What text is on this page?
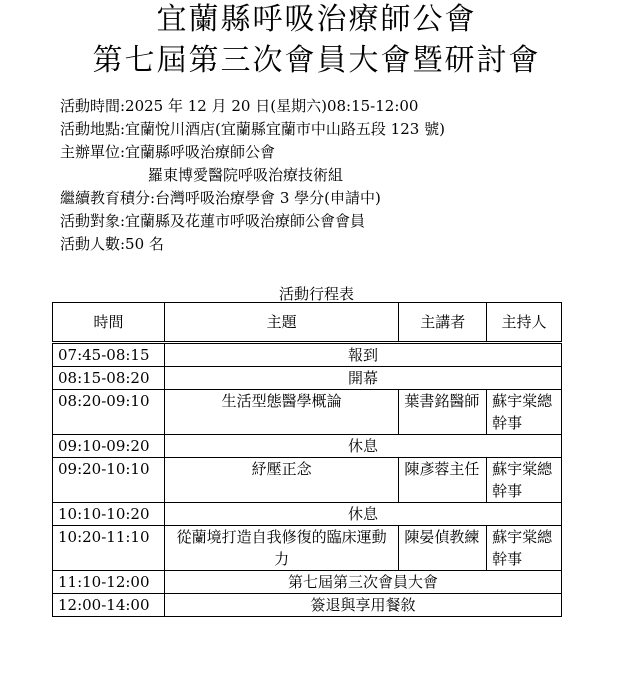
宜蘭縣呼吸治療師公會
第七屆第三次會員大會暨研討會
活動時間:2025 年 12 月 20 日(星期六)08:15-12:00
活動地點:宜蘭悅川酒店(宜蘭縣宜蘭市中山路五段 123 號)
主辦單位:宜蘭縣呼吸治療師公會
羅東博愛醫院呼吸治療技術組
繼續教育積分:台灣呼吸治療學會 3 學分(申請中)
活動對象:宜蘭縣及花蓮市呼吸治療師公會會員
活動人數:50 名
活動行程表
時間	主題	主講者	主持人
07:45-08:15	報到		
08:15-08:20	開幕		
08:20-09:10	生活型態醫學概論	葉書銘醫師	蘇宇棠總幹事
09:10-09:20	休息		
09:20-10:10	紓壓正念	陳彥蓉主任	蘇宇棠總幹事
10:10-10:20	休息		
10:20-11:10	從蘭境打造自我修復的臨床運動力	陳晏偵教練	蘇宇棠總幹事
11:10-12:00	第七屆第三次會員大會		
12:00-14:00	簽退與享用餐敘		
